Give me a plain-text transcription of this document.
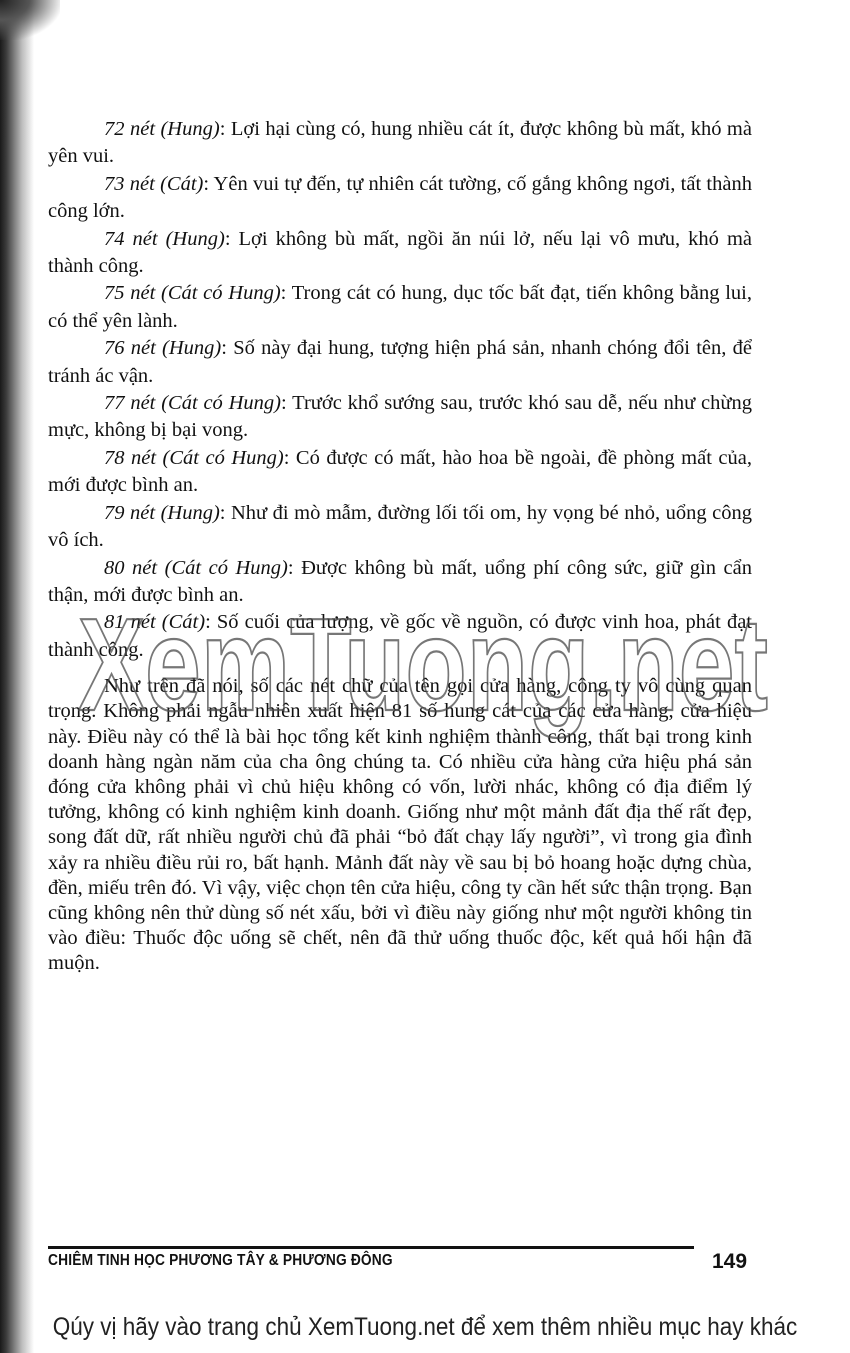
72 nét (Hung): Lợi hại cùng có, hung nhiều cát ít, được không bù mất, khó mà yên vui.

73 nét (Cát): Yên vui tự đến, tự nhiên cát tường, cố gắng không ngơi, tất thành công lớn.

74 nét (Hung): Lợi không bù mất, ngồi ăn núi lở, nếu lại vô mưu, khó mà thành công.

75 nét (Cát có Hung): Trong cát có hung, dục tốc bất đạt, tiến không bằng lui, có thể yên lành.

76 nét (Hung): Số này đại hung, tượng hiện phá sản, nhanh chóng đổi tên, để tránh ác vận.

77 nét (Cát có Hung): Trước khổ sướng sau, trước khó sau dễ, nếu như chừng mực, không bị bại vong.

78 nét (Cát có Hung): Có được có mất, hào hoa bề ngoài, đề phòng mất của, mới được bình an.

79 nét (Hung): Như đi mò mẫm, đường lối tối om, hy vọng bé nhỏ, uổng công vô ích.

80 nét (Cát có Hung): Được không bù mất, uổng phí công sức, giữ gìn cẩn thận, mới được bình an.

81 nét (Cát): Số cuối của lượng, về gốc về nguồn, có được vinh hoa, phát đạt thành công.

Như trên đã nói, số các nét chữ của tên gọi cửa hàng, công ty vô cùng quan trọng. Không phải ngẫu nhiên xuất hiện 81 số hung cát của các cửa hàng, cửa hiệu này. Điều này có thể là bài học tổng kết kinh nghiệm thành công, thất bại trong kinh doanh hàng ngàn năm của cha ông chúng ta. Có nhiều cửa hàng cửa hiệu phá sản đóng cửa không phải vì chủ hiệu không có vốn, lười nhác, không có địa điểm lý tưởng, không có kinh nghiệm kinh doanh. Giống như một mảnh đất địa thế rất đẹp, song đất dữ, rất nhiều người chủ đã phải “bỏ đất chạy lấy người”, vì trong gia đình xảy ra nhiều điều rủi ro, bất hạnh. Mảnh đất này về sau bị bỏ hoang hoặc dựng chùa, đền, miếu trên đó. Vì vậy, việc chọn tên cửa hiệu, công ty cần hết sức thận trọng. Bạn cũng không nên thử dùng số nét xấu, bởi vì điều này giống như một người không tin vào điều: Thuốc độc uống sẽ chết, nên đã thử uống thuốc độc, kết quả hối hận đã muộn.

XemTuong.net
CHIÊM TINH HỌC PHƯƠNG TÂY & PHƯƠNG ĐÔNG	149
Qúy vị hãy vào trang chủ XemTuong.net để xem thêm nhiều mục hay khác
